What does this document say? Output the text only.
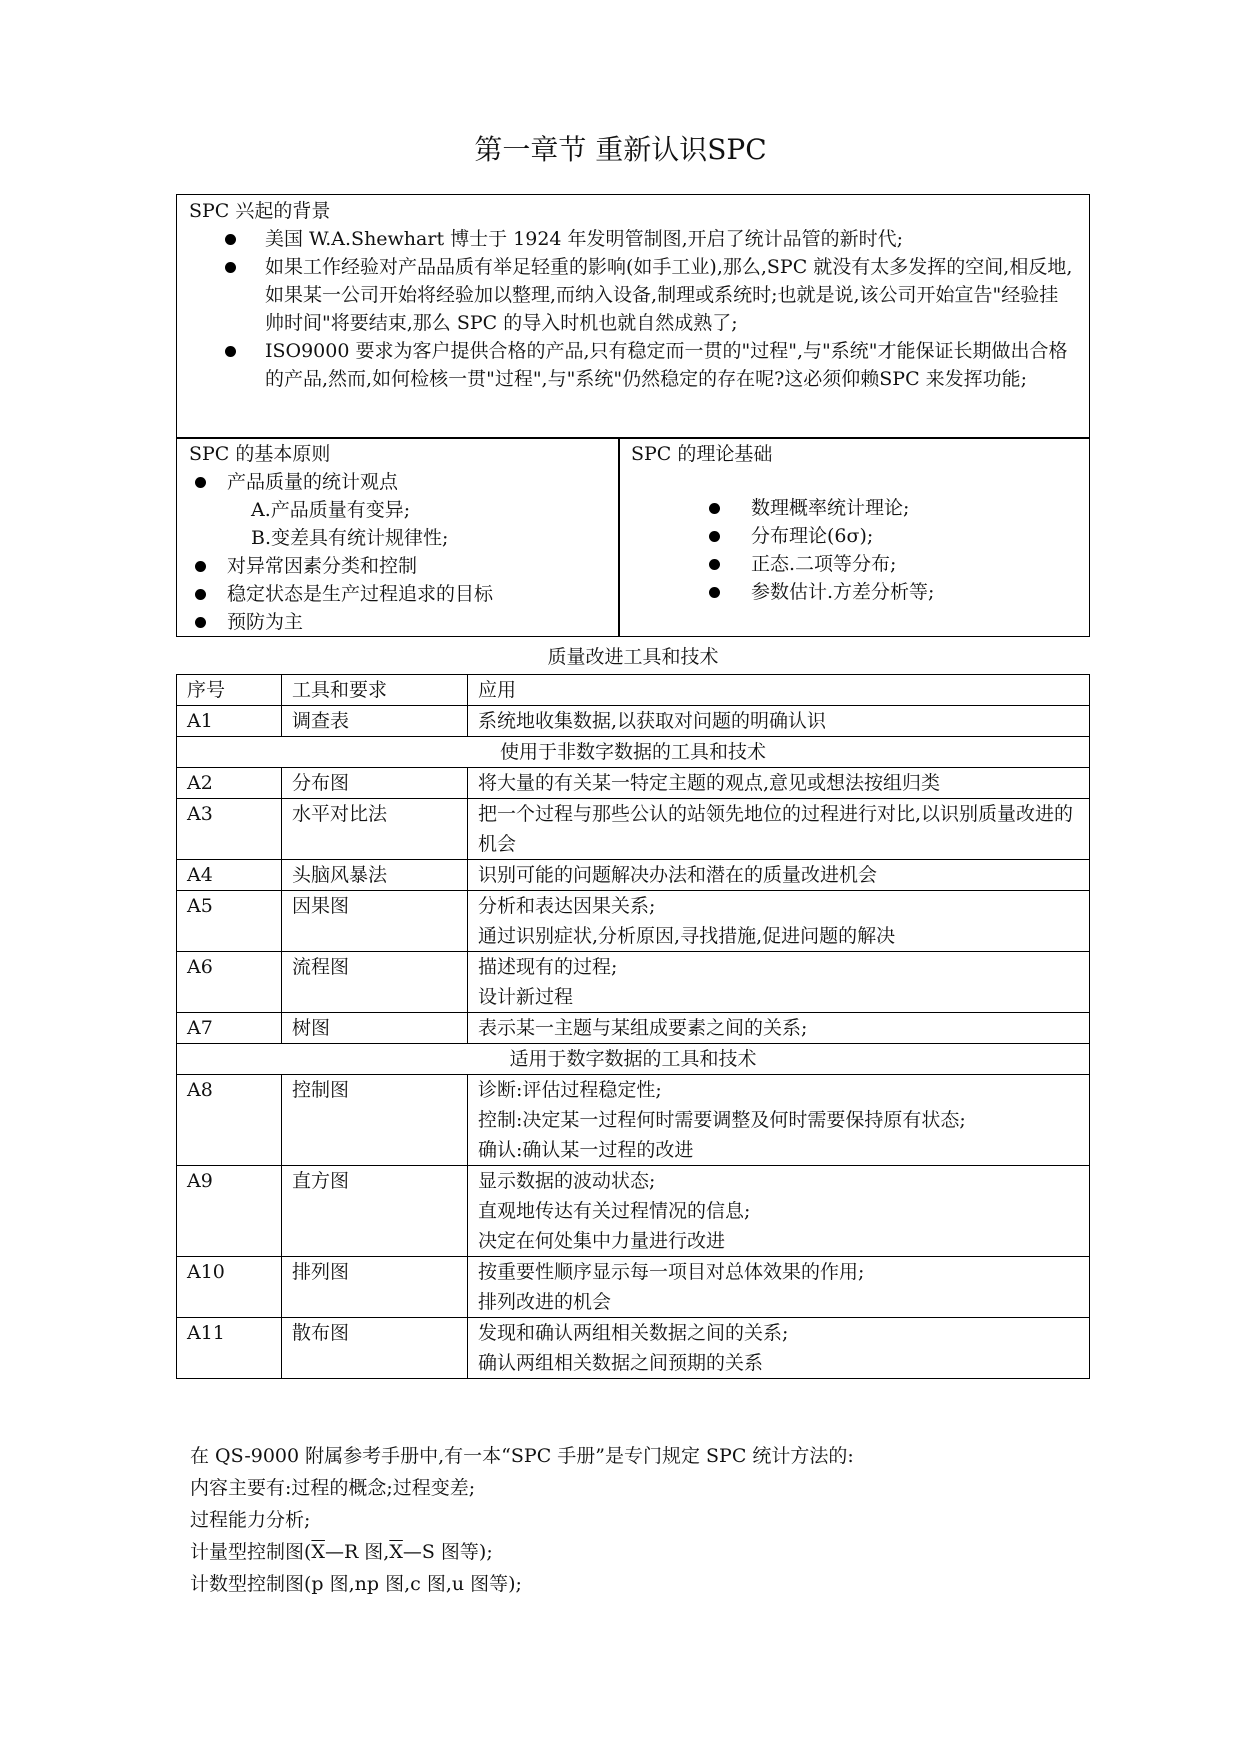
第一章节 重新认识SPC
SPC 兴起的背景
美国 W.A.Shewhart 博士于 1924 年发明管制图,开启了统计品管的新时代;
如果工作经验对产品品质有举足轻重的影响(如手工业),那么,SPC 就没有太多发挥的空间,相反地,如果某一公司开始将经验加以整理,而纳入设备,制理或系统时;也就是说,该公司开始宣告"经验挂帅时间"将要结束,那么 SPC 的导入时机也就自然成熟了;
ISO9000 要求为客户提供合格的产品,只有稳定而一贯的"过程",与"系统"才能保证长期做出合格的产品,然而,如何检核一贯"过程",与"系统"仍然稳定的存在呢?这必须仰赖SPC 来发挥功能;
SPC 的基本原则
产品质量的统计观点
A.产品质量有变异;
B.变差具有统计规律性;
对异常因素分类和控制
稳定状态是生产过程追求的目标
预防为主
SPC 的理论基础
数理概率统计理论;
分布理论(6σ);
正态.二项等分布;
参数估计.方差分析等;
质量改进工具和技术
序号	工具和要求	应用
A1	调查表	系统地收集数据,以获取对问题的明确认识

使用于非数字数据的工具和技术		
A2	分布图	将大量的有关某一特定主题的观点,意见或想法按组归类

A3	水平对比法	把一个过程与那些公认的站领先地位的过程进行对比,以识别质量改进的机会

A4	头脑风暴法	识别可能的问题解决办法和潜在的质量改进机会

A5	因果图	分析和表达因果关系;
通过识别症状,分析原因,寻找措施,促进问题的解决

A6	流程图	描述现有的过程;
设计新过程

A7	树图	表示某一主题与某组成要素之间的关系;

适用于数字数据的工具和技术		
A8	控制图	诊断:评估过程稳定性;
控制:决定某一过程何时需要调整及何时需要保持原有状态;
确认:确认某一过程的改进

A9	直方图	显示数据的波动状态;
直观地传达有关过程情况的信息;
决定在何处集中力量进行改进

A10	排列图	按重要性顺序显示每一项目对总体效果的作用;
排列改进的机会

A11	散布图	发现和确认两组相关数据之间的关系;
确认两组相关数据之间预期的关系
在 QS-9000 附属参考手册中,有一本“SPC 手册”是专门规定 SPC 统计方法的:
内容主要有:过程的概念;过程变差;
过程能力分析;
计量型控制图($\overline{X}—R$ 图$,\overline{X}—S$ 图等);
计数型控制图(p 图,np 图,c 图,u 图等);
